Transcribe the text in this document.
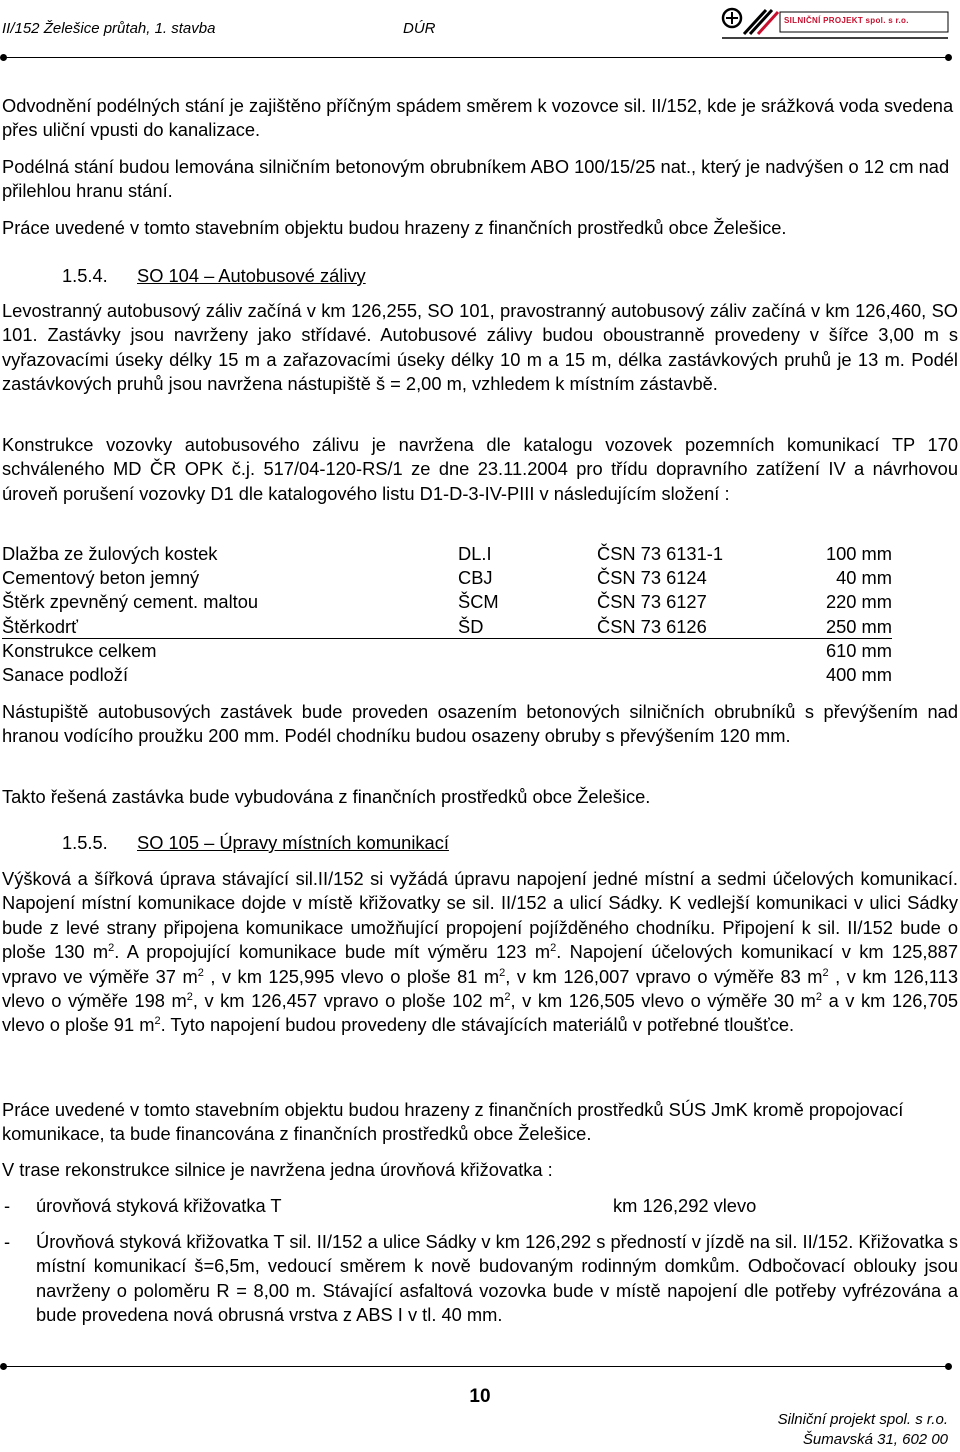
II/152 Želešice průtah, 1. stavba	DÚR	SILNIČNÍ PROJEKT spol. s r.o.

Odvodnění podélných stání je zajištěno příčným spádem směrem k vozovce sil. II/152, kde je srážková voda svedena přes uliční vpusti do kanalizace.

Podélná stání budou lemována silničním betonovým obrubníkem ABO 100/15/25 nat., který je nadvýšen o 12 cm nad přilehlou hranu stání.

Práce uvedené v tomto stavebním objektu budou hrazeny z finančních prostředků obce Želešice.

1.5.4. SO 104 – Autobusové zálivy

Levostranný autobusový záliv začíná v km 126,255, SO 101, pravostranný autobusový záliv začíná v km 126,460, SO 101. Zastávky jsou navrženy jako střídavé. Autobusové zálivy budou oboustranně provedeny v šířce 3,00 m s vyřazovacími úseky délky 15 m a zařazovacími úseky délky 10 m a 15 m, délka zastávkových pruhů je 13 m. Podél zastávkových pruhů jsou navržena nástupiště š = 2,00 m, vzhledem k místním zástavbě.

Konstrukce vozovky autobusového zálivu je navržena dle katalogu vozovek pozemních komunikací TP 170 schváleného MD ČR OPK č.j. 517/04-120-RS/1 ze dne 23.11.2004 pro třídu dopravního zatížení IV a návrhovou úroveň porušení vozovky D1 dle katalogového listu D1-D-3-IV-PIII v následujícím složení :

Dlažba ze žulových kostek	DL.I	ČSN 73 6131-1	100 mm
Cementový beton jemný	CBJ	ČSN 73 6124	40 mm
Štěrk zpevněný cement. maltou	ŠCM	ČSN 73 6127	220 mm
Štěrkodrť	ŠD	ČSN 73 6126	250 mm
Konstrukce celkem	610 mm
Sanace podloží	400 mm

Nástupiště autobusových zastávek bude proveden osazením betonových silničních obrubníků s převýšením nad hranou vodícího proužku 200 mm. Podél chodníku budou osazeny obruby s převýšením 120 mm.

Takto řešená zastávka bude vybudována z finančních prostředků obce Želešice.

1.5.5. SO 105 – Úpravy místních komunikací

Výšková a šířková úprava stávající sil.II/152 si vyžádá úpravu napojení jedné místní a sedmi účelových komunikací. Napojení místní komunikace dojde v místě křižovatky se sil. II/152 a ulicí Sádky. K vedlejší komunikaci v ulici Sádky bude z levé strany připojena komunikace umožňující propojení pojížděného chodníku. Připojení k sil. II/152 bude o ploše 130 $m^2$. A propojující komunikace bude mít výměru 123 $m^2$. Napojení účelových komunikací v km 125,887 vpravo ve výměře 37 $m^2$ , v km 125,995 vlevo o ploše 81 $m^2$, v km 126,007 vpravo o výměře 83 $m^2$ , v km 126,113 vlevo o výměře 198 $m^2$, v km 126,457 vpravo o ploše 102 $m^2$, v km 126,505 vlevo o výměře 30 $m^2$ a v km 126,705 vlevo o ploše 91 $m^2$. Tyto napojení budou provedeny dle stávajících materiálů v potřebné tloušťce.

Práce uvedené v tomto stavebním objektu budou hrazeny z finančních prostředků SÚS JmK kromě propojovací komunikace, ta bude financována z finančních prostředků obce Želešice.

V trase rekonstrukce silnice je navržena jedna úrovňová křižovatka :

- úrovňová styková křižovatka T	km 126,292 vlevo
- Úrovňová styková křižovatka T sil. II/152 a ulice Sádky v km 126,292 s předností v jízdě na sil. II/152. Křižovatka s místní komunikací š=6,5m, vedoucí směrem k nově budovaným rodinným domkům. Odbočovací oblouky jsou navrženy o poloměru R = 8,00 m. Stávající asfaltová vozovka bude v místě napojení dle potřeby vyfrézována a bude provedena nová obrusná vrstva z ABS I v tl. 40 mm.

10
Silniční projekt spol. s r.o.
Šumavská 31, 602 00
